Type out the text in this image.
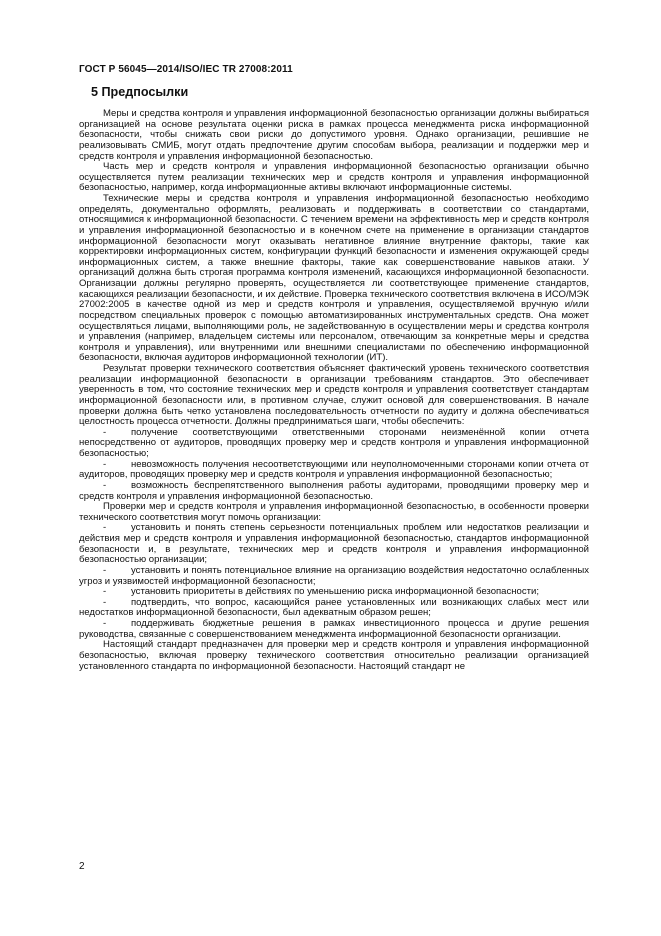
ГОСТ Р 56045—2014/ISO/IEC TR 27008:2011
5 Предпосылки

Меры и средства контроля и управления информационной безопасностью организации должны выбираться организацией на основе результата оценки риска в рамках процесса менеджмента риска информационной безопасности, чтобы снижать свои риски до допустимого уровня. Однако организации, решившие не реализовывать СМИБ, могут отдать предпочтение другим способам выбора, реализации и поддержки мер и средств контроля и управления информационной безопасностью.

Часть мер и средств контроля и управления информационной безопасностью организации обычно осуществляется путем реализации технических мер и средств контроля и управления информационной безопасностью, например, когда информационные активы включают информационные системы.

Технические меры и средства контроля и управления информационной безопасностью необходимо определять, документально оформлять, реализовать и поддерживать в соответствии со стандартами, относящимися к информационной безопасности. С течением времени на эффективность мер и средств контроля и управления информационной безопасностью и в конечном счете на применение в организации стандартов информационной безопасности могут оказывать негативное влияние внутренние факторы, такие как корректировки информационных систем, конфигурации функций безопасности и изменения окружающей среды информационных систем, а также внешние факторы, такие как совершенствование навыков атаки. У организаций должна быть строгая программа контроля изменений, касающихся информационной безопасности. Организации должны регулярно проверять, осуществляется ли соответствующее применение стандартов, касающихся реализации безопасности, и их действие. Проверка технического соответствия включена в ИСО/МЭК 27002:2005 в качестве одной из мер и средств контроля и управления, осуществляемой вручную и/или посредством специальных проверок с помощью автоматизированных инструментальных средств. Она может осуществляться лицами, выполняющими роль, не задействованную в осуществлении меры и средства контроля и управления (например, владельцем системы или персоналом, отвечающим за конкретные меры и средства контроля и управления), или внутренними или внешними специалистами по обеспечению информационной безопасности, включая аудиторов информационной технологии (ИТ).

Результат проверки технического соответствия объясняет фактический уровень технического соответствия реализации информационной безопасности в организации требованиям стандартов. Это обеспечивает уверенность в том, что состояние технических мер и средств контроля и управления соответствует стандартам информационной безопасности или, в противном случае, служит основой для совершенствования. В начале проверки должна быть четко установлена последовательность отчетности по аудиту и должна обеспечиваться целостность процесса отчетности. Должны предприниматься шаги, чтобы обеспечить:

-	получение соответствующими ответственными сторонами неизменённой копии отчета непосредственно от аудиторов, проводящих проверку мер и средств контроля и управления информационной безопасностью;

-	невозможность получения несоответствующими или неуполномоченными сторонами копии отчета от аудиторов, проводящих проверку мер и средств контроля и управления информационной безопасностью;

-	возможность беспрепятственного выполнения работы аудиторами, проводящими проверку мер и средств контроля и управления информационной безопасностью.

Проверки мер и средств контроля и управления информационной безопасностью, в особенности проверки технического соответствия могут помочь организации:

-	установить и понять степень серьезности потенциальных проблем или недостатков реализации и действия мер и средств контроля и управления информационной безопасностью, стандартов информационной безопасности и, в результате, технических мер и средств контроля и управления информационной безопасностью организации;

-	установить и понять потенциальное влияние на организацию воздействия недостаточно ослабленных угроз и уязвимостей информационной безопасности;

-	установить приоритеты в действиях по уменьшению риска информационной безопасности;

-	подтвердить, что вопрос, касающийся ранее установленных или возникающих слабых мест или недостатков информационной безопасности, был адекватным образом решен;

-	поддерживать бюджетные решения в рамках инвестиционного процесса и другие решения руководства, связанные с совершенствованием менеджмента информационной безопасности организации.

Настоящий стандарт предназначен для проверки мер и средств контроля и управления информационной безопасностью, включая проверку технического соответствия относительно реализации организацией установленного стандарта по информационной безопасности. Настоящий стандарт не

2
